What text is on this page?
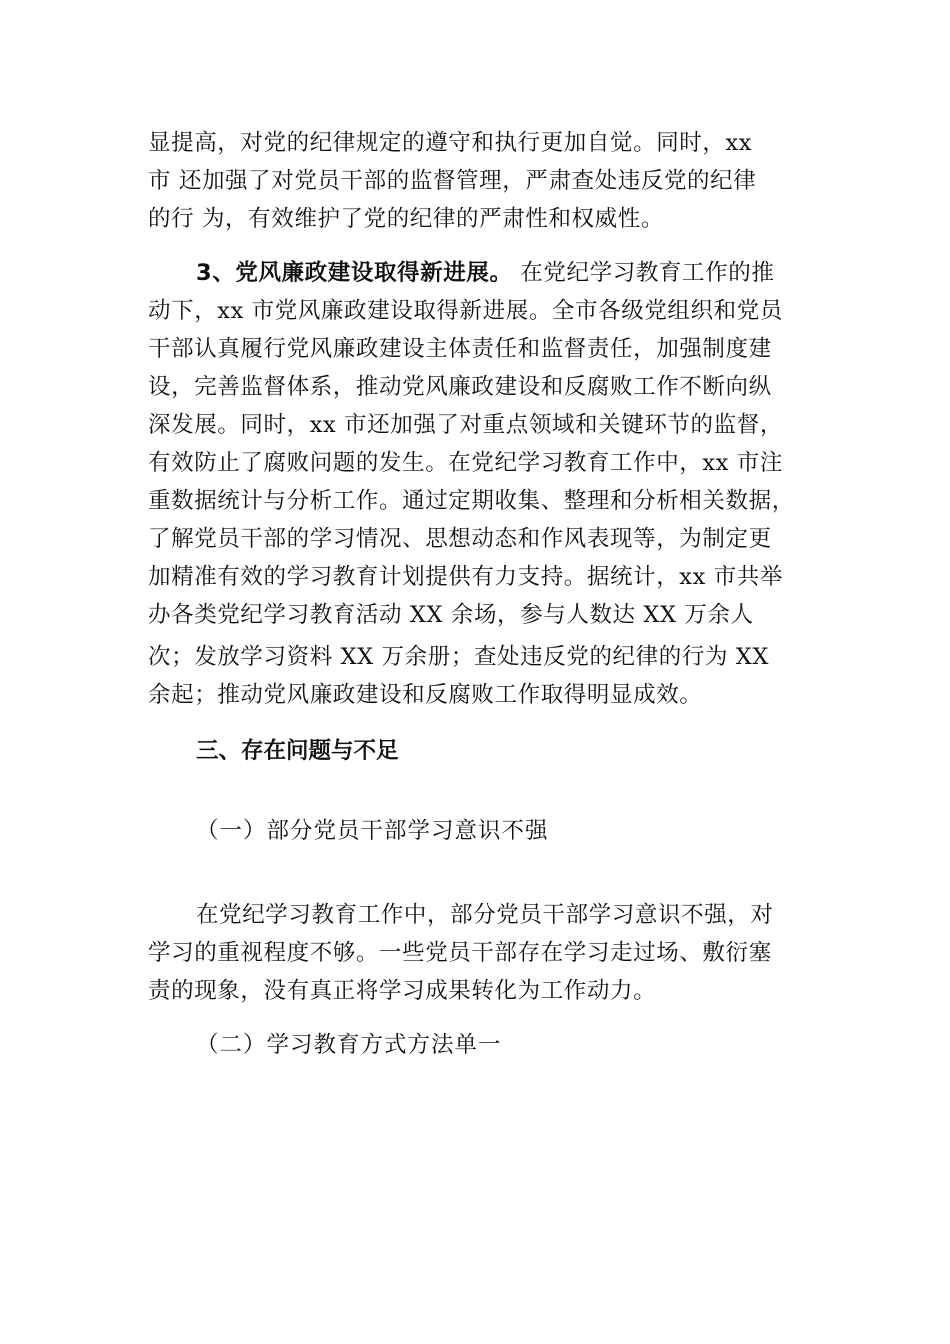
显提高，对党的纪律规定的遵守和执行更加自觉。同时，xx
市 还加强了对党员干部的监督管理，严肃查处违反党的纪律
的行 为，有效维护了党的纪律的严肃性和权威性。
3、党风廉政建设取得新进展。 在党纪学习教育工作的推
动下，xx 市党风廉政建设取得新进展。全市各级党组织和党员
干部认真履行党风廉政建设主体责任和监督责任，加强制度建
设，完善监督体系，推动党风廉政建设和反腐败工作不断向纵
深发展。同时，xx 市还加强了对重点领域和关键环节的监督，
有效防止了腐败问题的发生。在党纪学习教育工作中，xx 市注
重数据统计与分析工作。通过定期收集、整理和分析相关数据，
了解党员干部的学习情况、思想动态和作风表现等，为制定更
加精准有效的学习教育计划提供有力支持。据统计，xx 市共举
办各类党纪学习教育活动 XX 余场，参与人数达 XX 万余人
次；发放学习资料 XX 万余册；查处违反党的纪律的行为 XX
余起；推动党风廉政建设和反腐败工作取得明显成效。
三、存在问题与不足
（一）部分党员干部学习意识不强
在党纪学习教育工作中，部分党员干部学习意识不强，对
学习的重视程度不够。一些党员干部存在学习走过场、敷衍塞
责的现象，没有真正将学习成果转化为工作动力。
（二）学习教育方式方法单一
